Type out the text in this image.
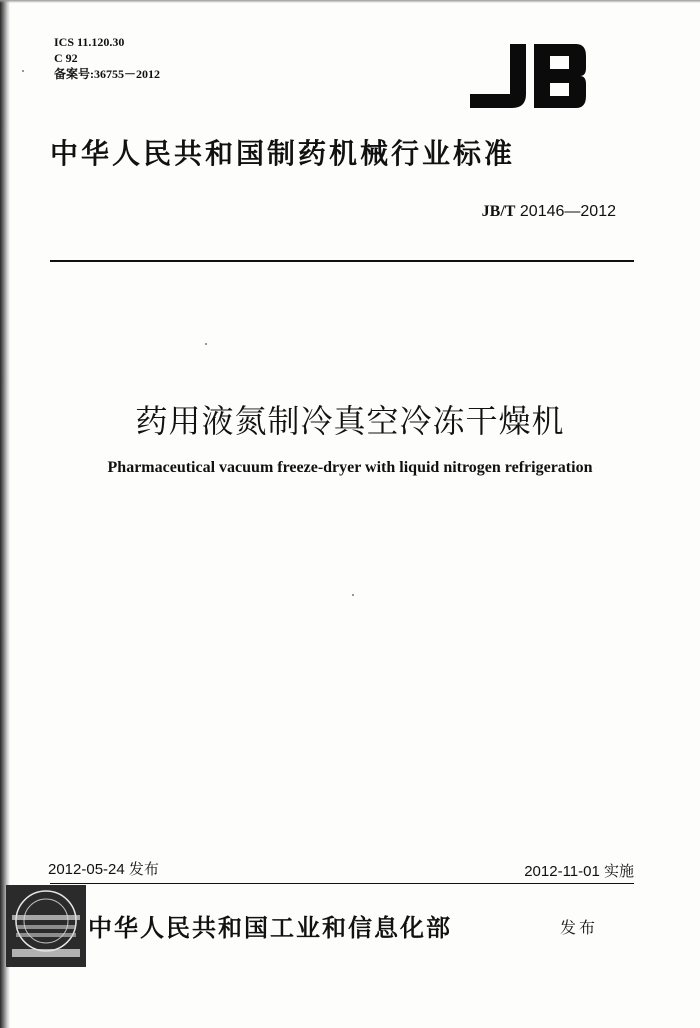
ICS 11.120.30
C 92
备案号:36755－2012
中华人民共和国制药机械行业标准
JB/T 20146—2012
药用液氮制冷真空冷冻干燥机
Pharmaceutical vacuum freeze-dryer with liquid nitrogen refrigeration
2012-05-24 发布	2012-11-01 实施
中华人民共和国工业和信息化部	发布
